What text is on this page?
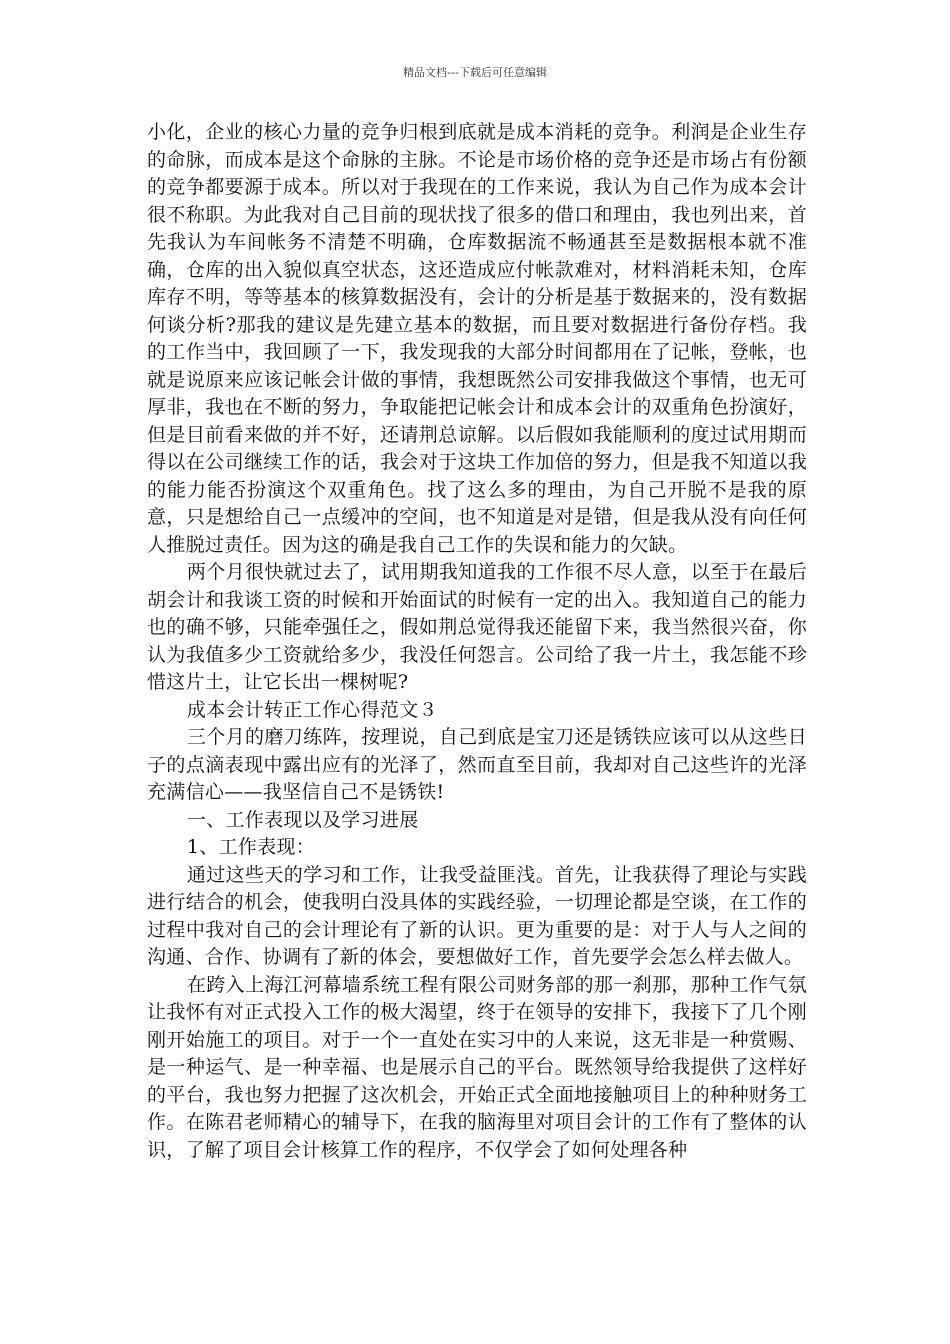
精品文档---下载后可任意编辑

小化，企业的核心力量的竞争归根到底就是成本消耗的竞争。利润是企业生存的命脉，而成本是这个命脉的主脉。不论是市场价格的竞争还是市场占有份额的竞争都要源于成本。所以对于我现在的工作来说，我认为自己作为成本会计很不称职。为此我对自己目前的现状找了很多的借口和理由，我也列出来，首先我认为车间帐务不清楚不明确，仓库数据流不畅通甚至是数据根本就不准确，仓库的出入貌似真空状态，这还造成应付帐款难对，材料消耗未知，仓库库存不明，等等基本的核算数据没有，会计的分析是基于数据来的，没有数据何谈分析?那我的建议是先建立基本的数据，而且要对数据进行备份存档。我的工作当中，我回顾了一下，我发现我的大部分时间都用在了记帐，登帐，也就是说原来应该记帐会计做的事情，我想既然公司安排我做这个事情，也无可厚非，我也在不断的努力，争取能把记帐会计和成本会计的双重角色扮演好，但是目前看来做的并不好，还请荆总谅解。以后假如我能顺利的度过试用期而得以在公司继续工作的话，我会对于这块工作加倍的努力，但是我不知道以我的能力能否扮演这个双重角色。找了这么多的理由，为自己开脱不是我的原意，只是想给自己一点缓冲的空间，也不知道是对是错，但是我从没有向任何人推脱过责任。因为这的确是我自己工作的失误和能力的欠缺。

两个月很快就过去了，试用期我知道我的工作很不尽人意，以至于在最后胡会计和我谈工资的时候和开始面试的时候有一定的出入。我知道自己的能力也的确不够，只能牵强任之，假如荆总觉得我还能留下来，我当然很兴奋，你认为我值多少工资就给多少，我没任何怨言。公司给了我一片土，我怎能不珍惜这片土，让它长出一棵树呢?

成本会计转正工作心得范文３

三个月的磨刀练阵，按理说，自己到底是宝刀还是锈铁应该可以从这些日子的点滴表现中露出应有的光泽了，然而直至目前，我却对自己这些许的光泽充满信心——我坚信自己不是锈铁!

一、工作表现以及学习进展

1、工作表现：

通过这些天的学习和工作，让我受益匪浅。首先，让我获得了理论与实践进行结合的机会，使我明白没具体的实践经验，一切理论都是空谈，在工作的过程中我对自己的会计理论有了新的认识。更为重要的是：对于人与人之间的沟通、合作、协调有了新的体会，要想做好工作，首先要学会怎么样去做人。

在跨入上海江河幕墙系统工程有限公司财务部的那一刹那，那种工作气氛让我怀有对正式投入工作的极大渴望，终于在领导的安排下，我接下了几个刚刚开始施工的项目。对于一个一直处在实习中的人来说，这无非是一种赏赐、是一种运气、是一种幸福、也是展示自己的平台。既然领导给我提供了这样好的平台，我也努力把握了这次机会，开始正式全面地接触项目上的种种财务工作。在陈君老师精心的辅导下，在我的脑海里对项目会计的工作有了整体的认识，了解了项目会计核算工作的程序，不仅学会了如何处理各种
